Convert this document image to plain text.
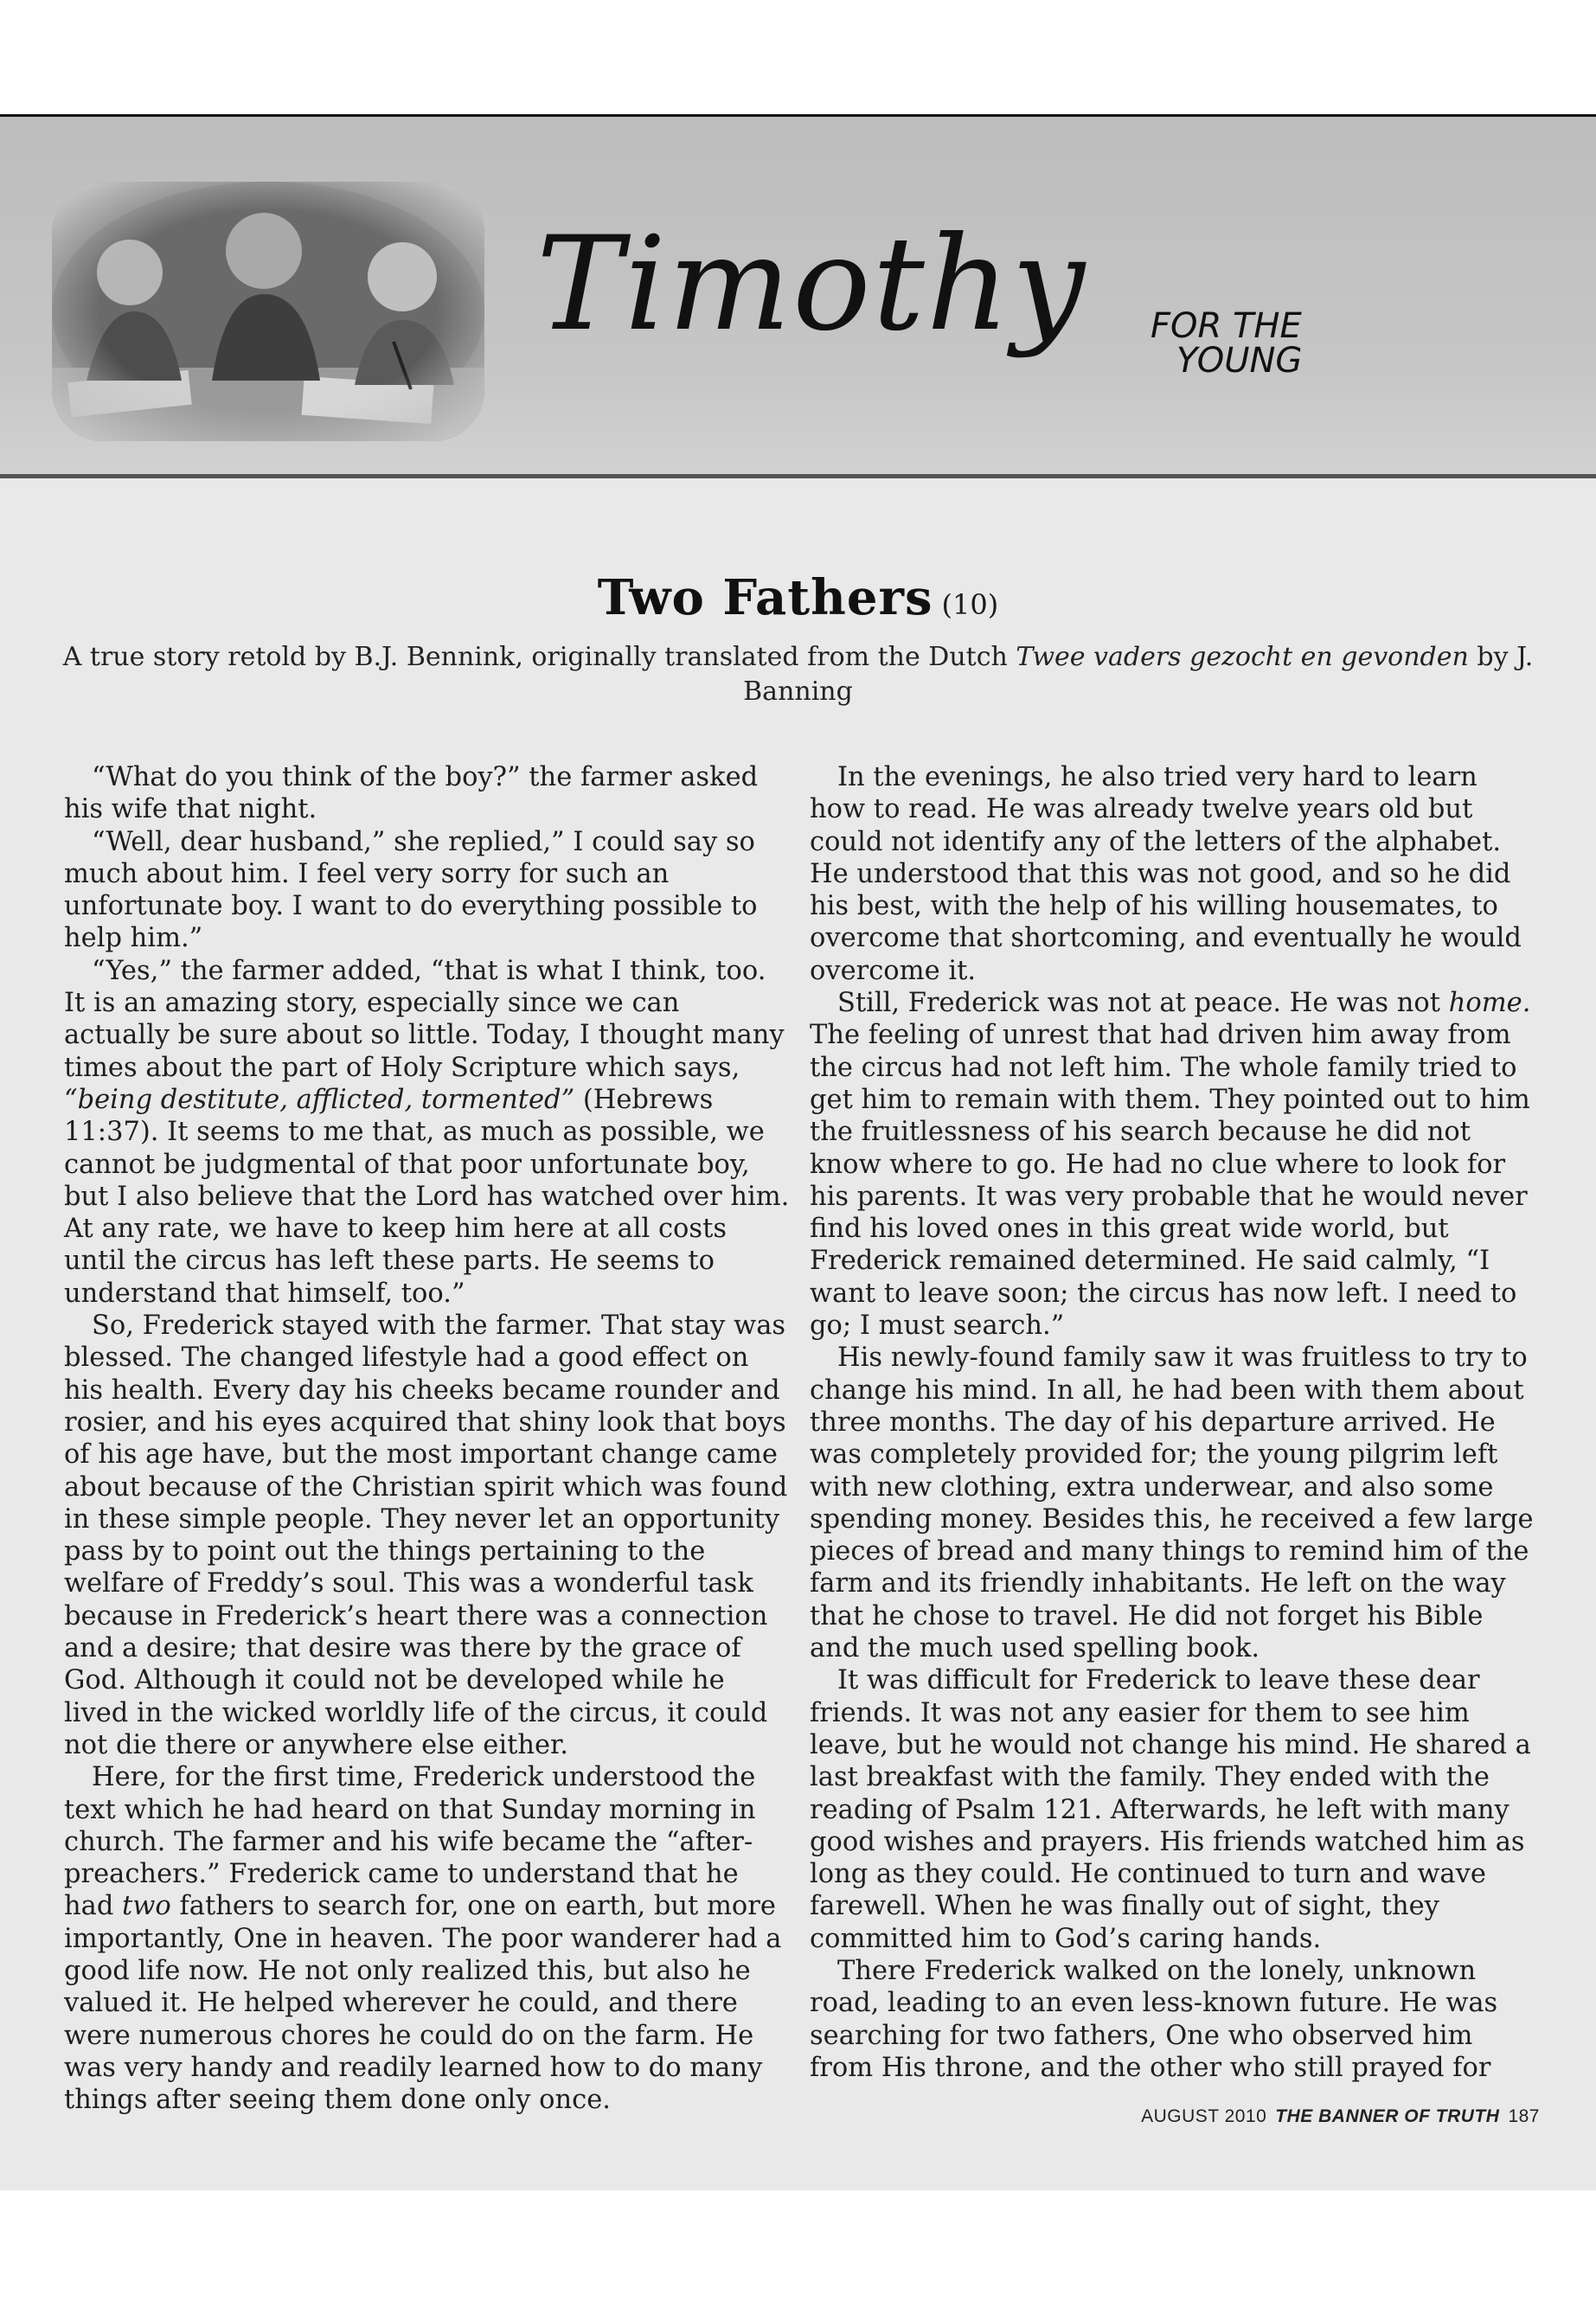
Timothy FOR THE
YOUNG
Two Fathers (10)
A true story retold by B.J. Bennink, originally translated from the Dutch Twee vaders gezocht en gevonden by J. Banning

“What do you think of the boy?” the farmer asked his wife that night.

“Well, dear husband,” she replied,” I could say so much about him. I feel very sorry for such an unfortunate boy. I want to do everything possible to help him.”

“Yes,” the farmer added, “that is what I think, too. It is an amazing story, especially since we can actually be sure about so little. Today, I thought many times about the part of Holy Scripture which says, “being destitute, afflicted, tormented” (Hebrews 11:37). It seems to me that, as much as possible, we cannot be judgmental of that poor unfortunate boy, but I also believe that the Lord has watched over him. At any rate, we have to keep him here at all costs until the circus has left these parts. He seems to understand that himself, too.”

So, Frederick stayed with the farmer. That stay was blessed. The changed lifestyle had a good effect on his health. Every day his cheeks became rounder and rosier, and his eyes acquired that shiny look that boys of his age have, but the most important change came about because of the Christian spirit which was found in these simple people. They never let an opportunity pass by to point out the things pertaining to the welfare of Freddy’s soul. This was a wonderful task because in Frederick’s heart there was a connection and a desire; that desire was there by the grace of God. Although it could not be developed while he lived in the wicked worldly life of the circus, it could not die there or anywhere else either.

Here, for the first time, Frederick understood the text which he had heard on that Sunday morning in church. The farmer and his wife became the “after-preachers.” Frederick came to understand that he had two fathers to search for, one on earth, but more importantly, One in heaven. The poor wanderer had a good life now. He not only realized this, but also he valued it. He helped wherever he could, and there were numerous chores he could do on the farm. He was very handy and readily learned how to do many things after seeing them done only once.

In the evenings, he also tried very hard to learn how to read. He was already twelve years old but could not identify any of the letters of the alphabet. He understood that this was not good, and so he did his best, with the help of his willing housemates, to overcome that shortcoming, and eventually he would overcome it.

Still, Frederick was not at peace. He was not home. The feeling of unrest that had driven him away from the circus had not left him. The whole family tried to get him to remain with them. They pointed out to him the fruitlessness of his search because he did not know where to go. He had no clue where to look for his parents. It was very probable that he would never find his loved ones in this great wide world, but Frederick remained determined. He said calmly, “I want to leave soon; the circus has now left. I need to go; I must search.”

His newly-found family saw it was fruitless to try to change his mind. In all, he had been with them about three months. The day of his departure arrived. He was completely provided for; the young pilgrim left with new clothing, extra underwear, and also some spending money. Besides this, he received a few large pieces of bread and many things to remind him of the farm and its friendly inhabitants. He left on the way that he chose to travel. He did not forget his Bible and the much used spelling book.

It was difficult for Frederick to leave these dear friends. It was not any easier for them to see him leave, but he would not change his mind. He shared a last breakfast with the family. They ended with the reading of Psalm 121. Afterwards, he left with many good wishes and prayers. His friends watched him as long as they could. He continued to turn and wave farewell. When he was finally out of sight, they committed him to God’s caring hands.

There Frederick walked on the lonely, unknown road, leading to an even less-known future. He was searching for two fathers, One who observed him from His throne, and the other who still prayed for

AUGUST 2010 THE BANNER OF TRUTH 187
